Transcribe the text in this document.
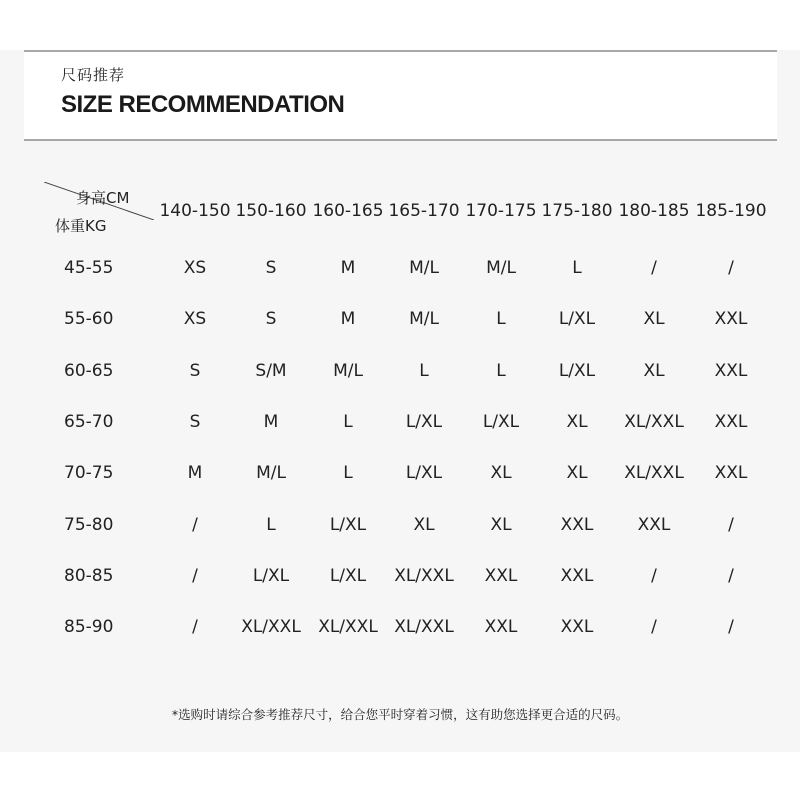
尺码推荐
SIZE RECOMMENDATION
身高CM
体重KG
140-150 150-160 160-165 165-170 170-175 175-180 180-185 185-190
45-55	XS	S	M	M/L	M/L	L	/	/
55-60	XS	S	M	M/L	L	L/XL	XL	XXL
60-65	S	S/M	M/L	L	L	L/XL	XL	XXL
65-70	S	M	L	L/XL	L/XL	XL	XL/XXL	XXL
70-75	M	M/L	L	L/XL	XL	XL	XL/XXL	XXL
75-80	/	L	L/XL	XL	XL	XXL	XXL	/
80-85	/	L/XL	L/XL	XL/XXL	XXL	XXL	/	/
85-90	/	XL/XXL	XL/XXL XL/XXL	XXL	XXL	/	/
*选购时请综合参考推荐尺寸，给合您平时穿着习惯，这有助您选择更合适的尺码。
